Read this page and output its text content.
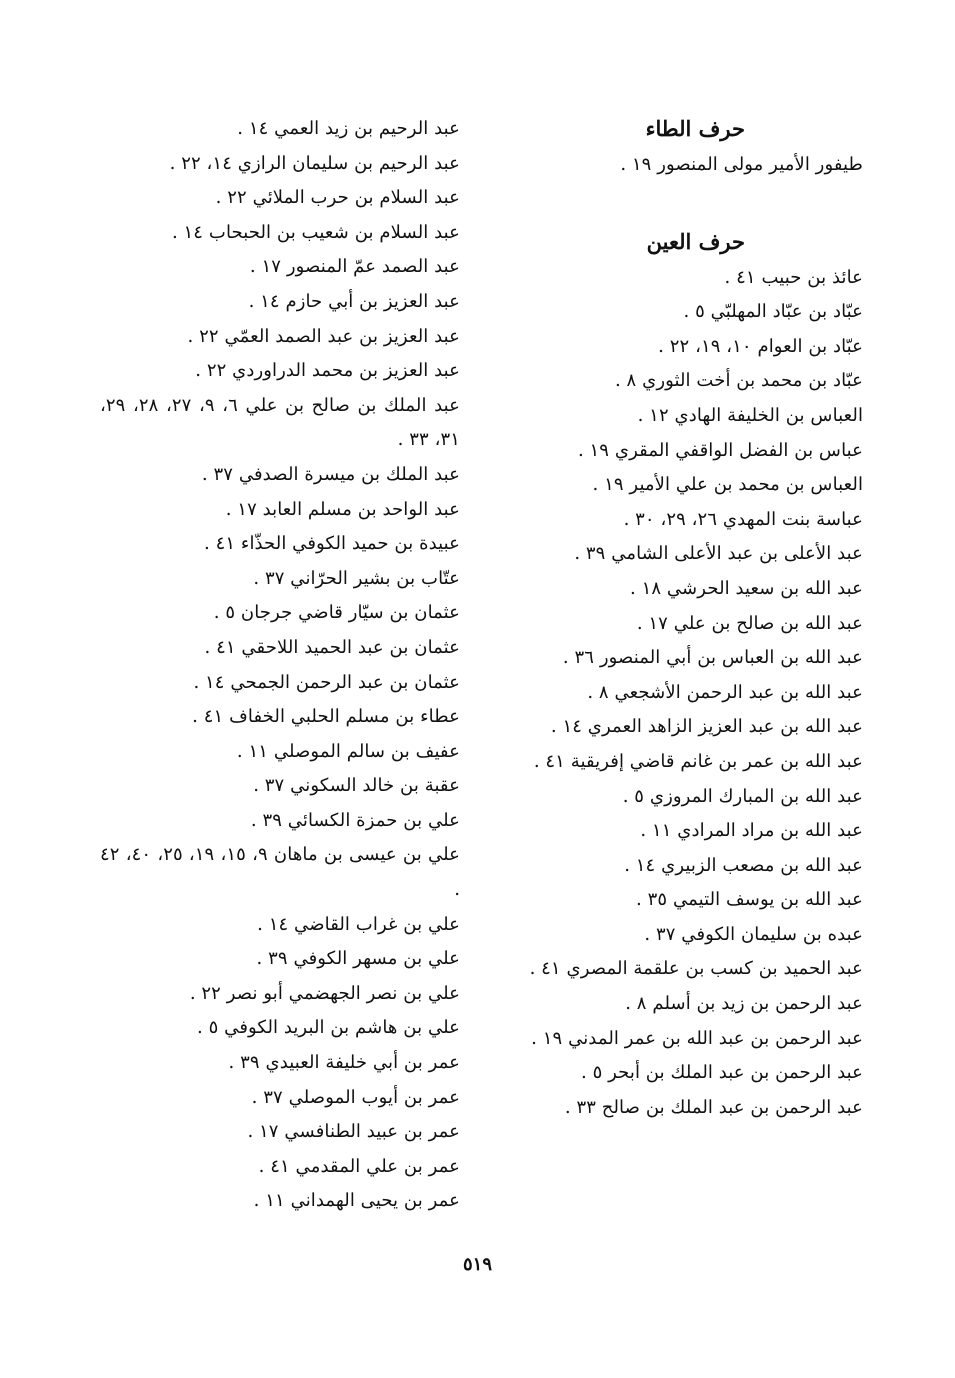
حرف الطاء
طيفور الأمير مولى المنصور ١٩ .
حرف العين
عائذ بن حبيب ٤١ .
عبّاد بن عبّاد المهلبّي ٥ .
عبّاد بن العوام ١٠، ١٩، ٢٢ .
عبّاد بن محمد بن أخت الثوري ٨ .
العباس بن الخليفة الهادي ١٢ .
عباس بن الفضل الواقفي المقري ١٩ .
العباس بن محمد بن علي الأمير ١٩ .
عباسة بنت المهدي ٢٦، ٢٩، ٣٠ .
عبد الأعلى بن عبد الأعلى الشامي ٣٩ .
عبد الله بن سعيد الحرشي ١٨ .
عبد الله بن صالح بن علي ١٧ .
عبد الله بن العباس بن أبي المنصور ٣٦ .
عبد الله بن عبد الرحمن الأشجعي ٨ .
عبد الله بن عبد العزيز الزاهد العمري ١٤ .
عبد الله بن عمر بن غانم قاضي إفريقية ٤١ .
عبد الله بن المبارك المروزي ٥ .
عبد الله بن مراد المرادي ١١ .
عبد الله بن مصعب الزبيري ١٤ .
عبد الله بن يوسف التيمي ٣٥ .
عبده بن سليمان الكوفي ٣٧ .
عبد الحميد بن كسب بن علقمة المصري ٤١ .
عبد الرحمن بن زيد بن أسلم ٨ .
عبد الرحمن بن عبد الله بن عمر المدني ١٩ .
عبد الرحمن بن عبد الملك بن أبحر ٥ .
عبد الرحمن بن عبد الملك بن صالح ٣٣ .
عبد الرحيم بن زيد العمي ١٤ .
عبد الرحيم بن سليمان الرازي ١٤، ٢٢ .
عبد السلام بن حرب الملائي ٢٢ .
عبد السلام بن شعيب بن الحبحاب ١٤ .
عبد الصمد عمّ المنصور ١٧ .
عبد العزيز بن أبي حازم ١٤ .
عبد العزيز بن عبد الصمد العمّي ٢٢ .
عبد العزيز بن محمد الدراوردي ٢٢ .
عبد الملك بن صالح بن علي ٦، ٩، ٢٧، ٢٨، ٢٩، ٣١، ٣٣ .
عبد الملك بن ميسرة الصدفي ٣٧ .
عبد الواحد بن مسلم العابد ١٧ .
عبيدة بن حميد الكوفي الحذّاء ٤١ .
عتّاب بن بشير الحرّاني ٣٧ .
عثمان بن سيّار قاضي جرجان ٥ .
عثمان بن عبد الحميد اللاحقي ٤١ .
عثمان بن عبد الرحمن الجمحي ١٤ .
عطاء بن مسلم الحلبي الخفاف ٤١ .
عفيف بن سالم الموصلي ١١ .
عقبة بن خالد السكوني ٣٧ .
علي بن حمزة الكسائي ٣٩ .
علي بن عيسى بن ماهان ٩، ١٥، ١٩، ٢٥، ٤٠، ٤٢ .
علي بن غراب القاضي ١٤ .
علي بن مسهر الكوفي ٣٩ .
علي بن نصر الجهضمي أبو نصر ٢٢ .
علي بن هاشم بن البريد الكوفي ٥ .
عمر بن أبي خليفة العبيدي ٣٩ .
عمر بن أيوب الموصلي ٣٧ .
عمر بن عبيد الطنافسي ١٧ .
عمر بن علي المقدمي ٤١ .
عمر بن يحيى الهمداني ١١ .
٥١٩
